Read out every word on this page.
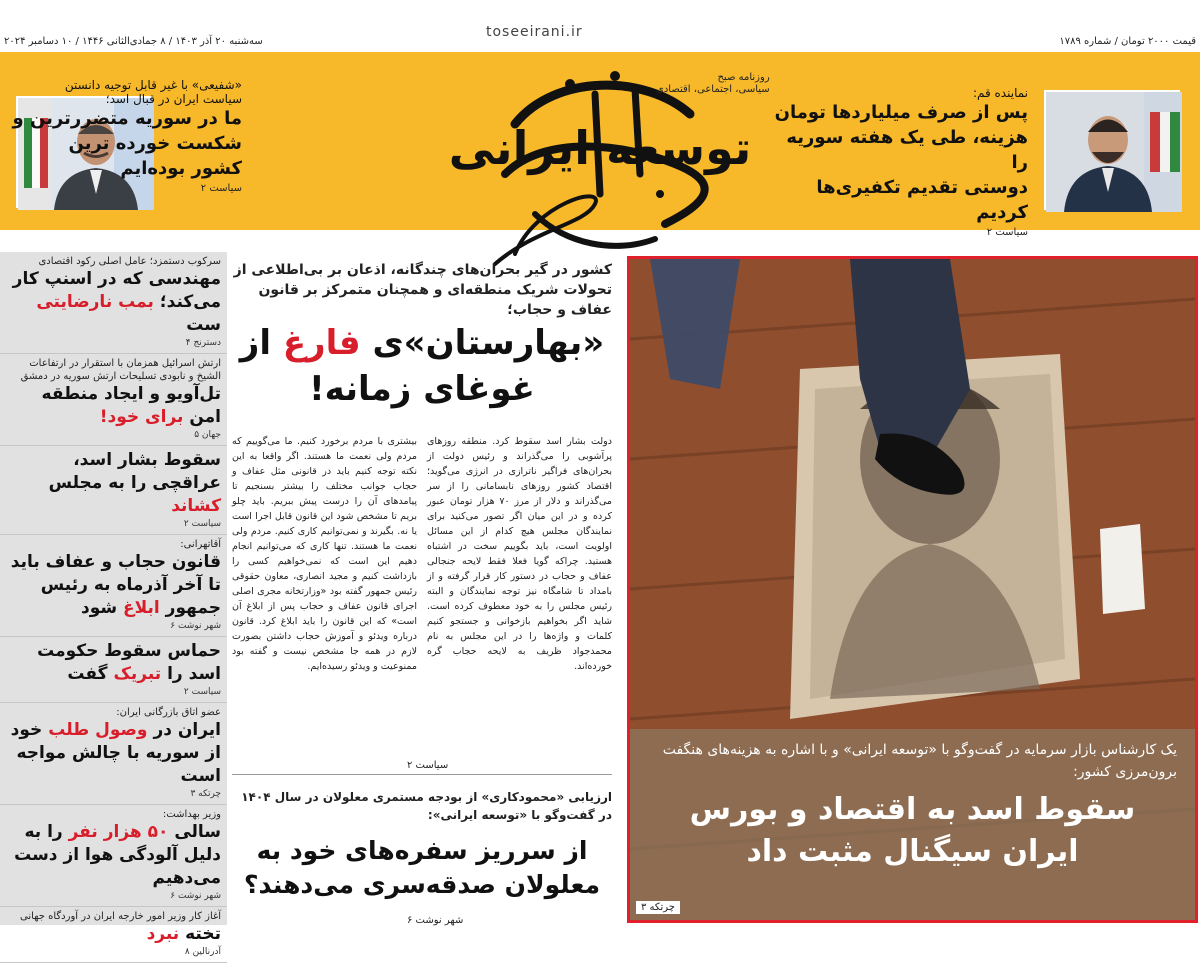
سه‌شنبه ۲۰ آذر ۱۴۰۳ / ۸ جمادی‌الثانی ۱۴۴۶ / ۱۰ دسامبر ۲۰۲۴	قیمت ۲۰۰۰ تومان / شماره ۱۷۸۹
toseeirani.ir
توسعه ایرانی
روزنامه صبح
سیاسی، اجتماعی، اقتصادی	نماینده قم:
پس از صرف میلیاردها تومان
هزینه، طی یک هفته سوریه را
دوستی تقدیم تکفیری‌ها کردیم
سیاست ۲
«شفیعی» با غیر قابل توجیه دانستن
سیاست ایران در قبال اسد؛
ما در سوریه متضررترین و
شکست خورده ترین
کشور بوده‌ایم
سیاست ۲
سرکوب دستمزد؛ عامل اصلی رکود اقتصادی
مهندسی که در اسنپ کار می‌کند؛ بمب نارضایتی ست
دسترنج ۴
ارتش اسرائیل همزمان با استقرار در ارتفاعات الشیخ و نابودی تسلیحات ارتش سوریه در دمشق
تل‌آویو و ایجاد منطقه امن برای خود!
جهان ۵
سقوط بشار اسد، عراقچی را به مجلس کشاند
سیاست ۲
آقاتهرانی:
قانون حجاب و عفاف باید تا آخر آذرماه به رئیس جمهور ابلاغ شود
شهر نوشت ۶
حماس سقوط حکومت اسد را تبریک گفت
سیاست ۲
عضو اتاق بازرگانی ایران:
ایران در وصول طلب خود از سوریه با چالش مواجه است
چرتکه ۳
وزیر بهداشت:
سالی ۵۰ هزار نفر را به دلیل آلودگی هوا از دست می‌دهیم
شهر نوشت ۶
آغاز کار وزیر امور خارجه ایران در آوردگاه جهانی
تخته نبرد
آدرنالین ۸
کشور در گیر بحران‌های چندگانه، اذعان بر بی‌اطلاعی از تحولات شریک منطقه‌ای و همچنان متمرکز بر قانون عفاف و حجاب؛
«بهارستان»ی فارغ از غوغای زمانه!

دولت بشار اسد سقوط کرد. منطقه روزهای پرآشوبی را می‌گذراند و رئیس دولت از بحران‌های فراگیر ناترازی در انرژی می‌گوید؛ اقتصاد کشور روزهای نابسامانی را از سر می‌گذراند و دلار از مرز ۷۰ هزار تومان عبور کرده و در این میان اگر تصور می‌کنید برای نمایندگان مجلس هیچ کدام از این مسائل اولویت است، باید بگوییم سخت در اشتباه هستید. چراکه گویا فعلا فقط لایحه جنجالی عفاف و حجاب در دستور کار قرار گرفته و از بامداد تا شامگاه نیز توجه نمایندگان و البته رئیس مجلس را به خود معطوف کرده است. شاید اگر بخواهیم بازخوانی و جستجو کنیم کلمات و واژه‌ها را در این مجلس به نام محمدجواد ظریف به لایحه حجاب گره خورده‌اند.

بیشتری با مردم برخورد کنیم. ما می‌گوییم که مردم ولی نعمت ما هستند. اگر واقعا به این نکته توجه کنیم باید در قانونی مثل عفاف و حجاب جوانب مختلف را بیشتر بسنجیم تا پیامدهای آن را درست پیش ببریم. باید چلو بریم تا مشخص شود این قانون قابل اجرا است یا نه. بگیرند و نمی‌توانیم کاری کنیم. مردم ولی نعمت ما هستند. تنها کاری که می‌توانیم انجام دهیم این است که نمی‌خواهیم کسی را بازداشت کنیم و مجید انصاری، معاون حقوقی رئیس جمهور گفته بود «وزارتخانه مجری اصلی اجرای قانون عفاف و حجاب پس از ابلاغ آن است» که این قانون را باید ابلاغ کرد. قانون درباره ویدئو و آموزش حجاب داشتن بصورت لازم در همه جا مشخص نیست و گفته بود ممنوعیت و ویدئو رسیده‌ایم.

سیاست ۲
ارزیابی «محمودکاری» از بودجه مستمری معلولان در سال ۱۴۰۴ در گفت‌وگو با «توسعه ایرانی»:
از سرریز سفره‌های خود به معلولان صدقه‌سری می‌دهند؟
شهر نوشت ۶
یک کارشناس بازار سرمایه در گفت‌وگو با «توسعه ایرانی» و با اشاره به هزینه‌های هنگفت برون‌مرزی کشور:
سقوط اسد به اقتصاد و بورس ایران سیگنال مثبت داد
چرتکه ۳
